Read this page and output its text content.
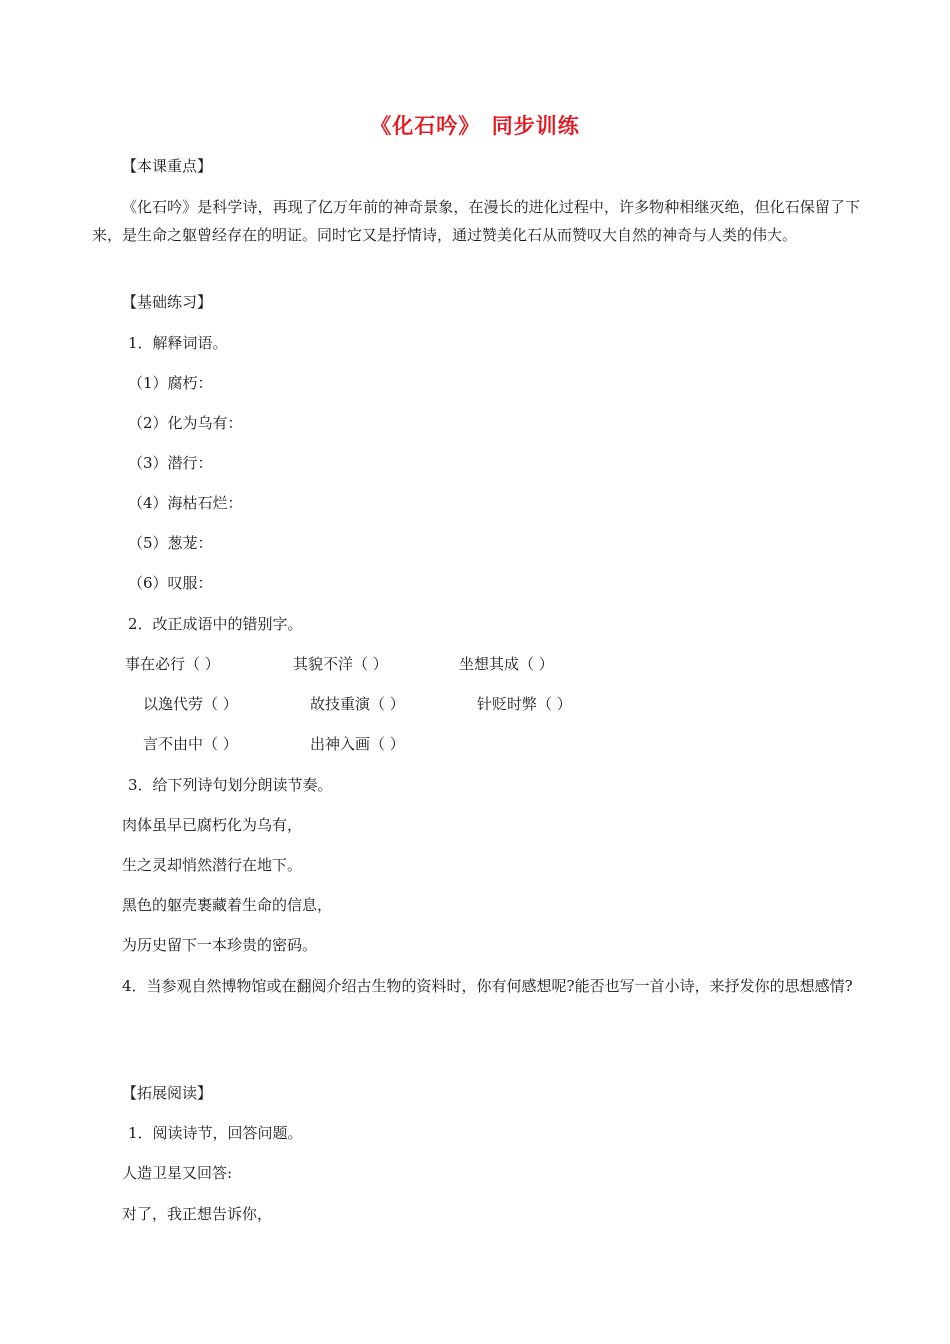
《化石吟》　同步训练
【本课重点】
《化石吟》是科学诗，再现了亿万年前的神奇景象，在漫长的进化过程中，许多物种相继灭绝，但化石保留了下来，是生命之躯曾经存在的明证。同时它又是抒情诗，通过赞美化石从而赞叹大自然的神奇与人类的伟大。
【基础练习】
1．解释词语。
（1）腐朽：
（2）化为乌有：
（3）潜行：
（4）海枯石烂：
（5）葱茏：
（6）叹服：
2．改正成语中的错别字。
事在必行（ ）	其貌不洋（ ）	坐想其成（ ）
以逸代劳（ ）	故技重演（ ）	针贬时弊（ ）
言不由中（ ）	出神入画（ ）
3．给下列诗句划分朗读节奏。
肉体虽早已腐朽化为乌有，
生之灵却悄然潜行在地下。
黑色的躯壳裹藏着生命的信息，
为历史留下一本珍贵的密码。
4．当参观自然博物馆或在翻阅介绍古生物的资料时，你有何感想呢?能否也写一首小诗，来抒发你的思想感情?
【拓展阅读】
1．阅读诗节，回答问题。
人造卫星又回答:
对了，我正想告诉你，
